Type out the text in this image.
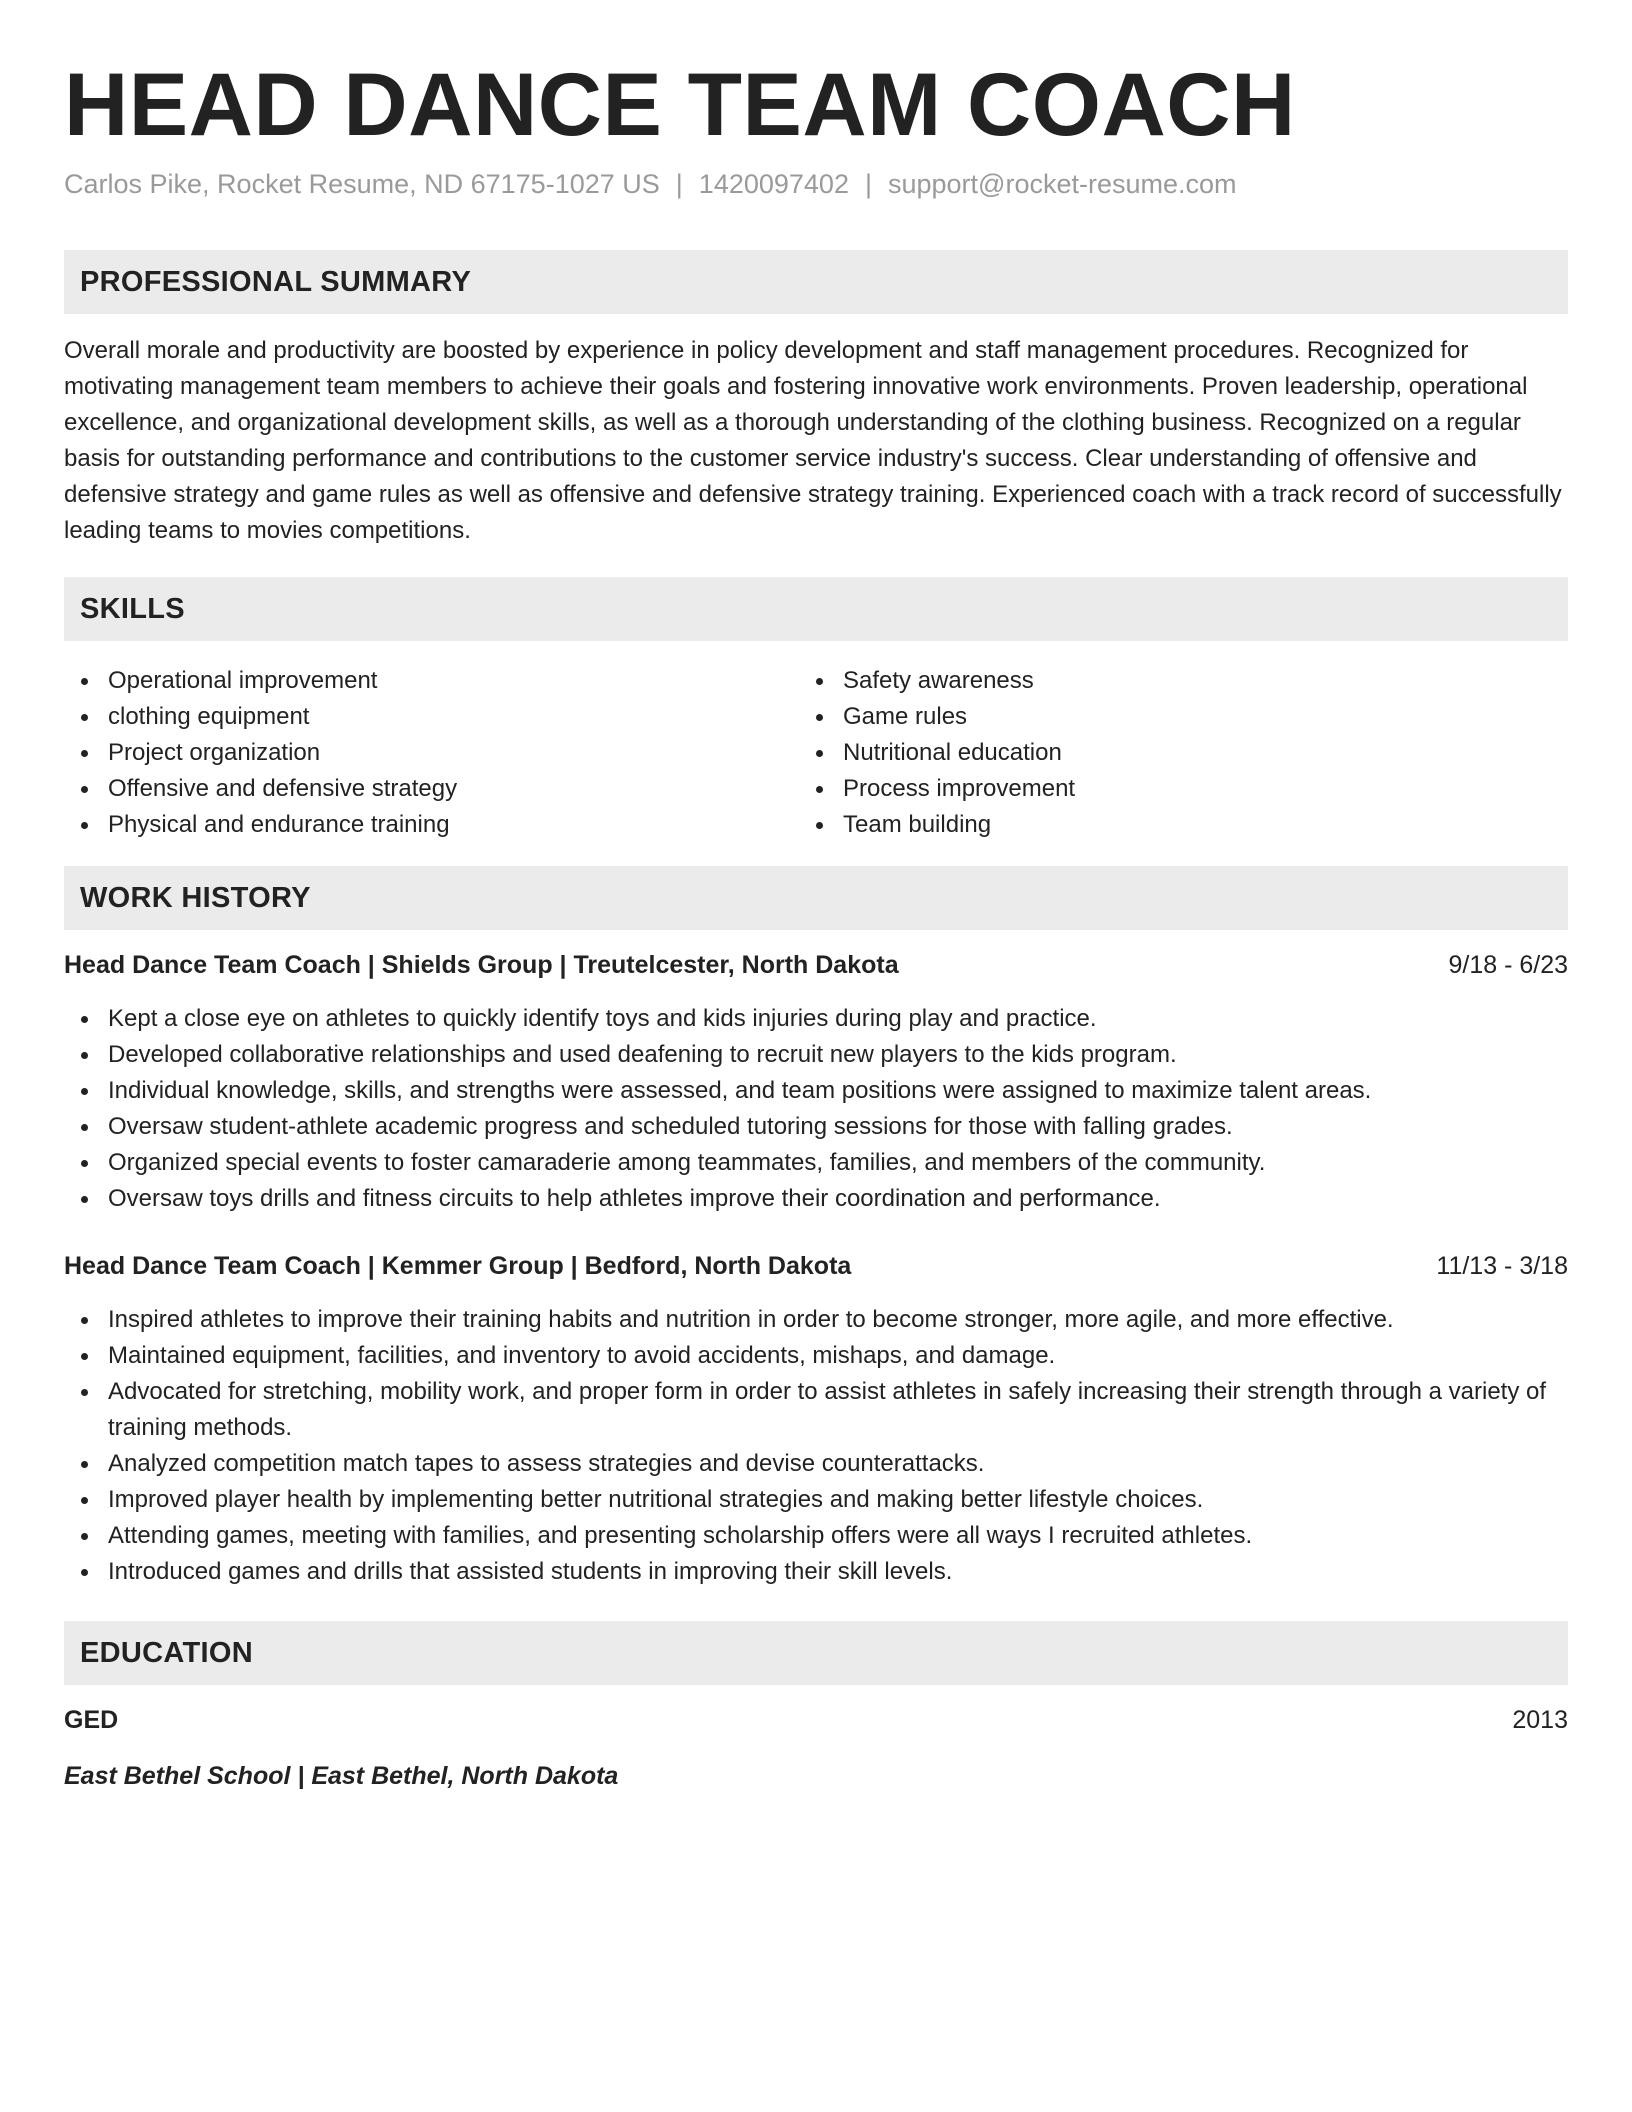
HEAD DANCE TEAM COACH
Carlos Pike, Rocket Resume, ND 67175-1027 US | 1420097402 | support@rocket-resume.com
PROFESSIONAL SUMMARY

Overall morale and productivity are boosted by experience in policy development and staff management procedures. Recognized for motivating management team members to achieve their goals and fostering innovative work environments. Proven leadership, operational excellence, and organizational development skills, as well as a thorough understanding of the clothing business. Recognized on a regular basis for outstanding performance and contributions to the customer service industry's success. Clear understanding of offensive and defensive strategy and game rules as well as offensive and defensive strategy training. Experienced coach with a track record of successfully leading teams to movies competitions.

SKILLS
Operational improvement
clothing equipment
Project organization
Offensive and defensive strategy
Physical and endurance training
Safety awareness
Game rules
Nutritional education
Process improvement
Team building
WORK HISTORY
Head Dance Team Coach | Shields Group | Treutelcester, North Dakota	9/18 - 6/23
Kept a close eye on athletes to quickly identify toys and kids injuries during play and practice.
Developed collaborative relationships and used deafening to recruit new players to the kids program.
Individual knowledge, skills, and strengths were assessed, and team positions were assigned to maximize talent areas.
Oversaw student-athlete academic progress and scheduled tutoring sessions for those with falling grades.
Organized special events to foster camaraderie among teammates, families, and members of the community.
Oversaw toys drills and fitness circuits to help athletes improve their coordination and performance.
Head Dance Team Coach | Kemmer Group | Bedford, North Dakota	11/13 - 3/18
Inspired athletes to improve their training habits and nutrition in order to become stronger, more agile, and more effective.
Maintained equipment, facilities, and inventory to avoid accidents, mishaps, and damage.
Advocated for stretching, mobility work, and proper form in order to assist athletes in safely increasing their strength through a variety of training methods.
Analyzed competition match tapes to assess strategies and devise counterattacks.
Improved player health by implementing better nutritional strategies and making better lifestyle choices.
Attending games, meeting with families, and presenting scholarship offers were all ways I recruited athletes.
Introduced games and drills that assisted students in improving their skill levels.
EDUCATION
GED	2013
East Bethel School | East Bethel, North Dakota
